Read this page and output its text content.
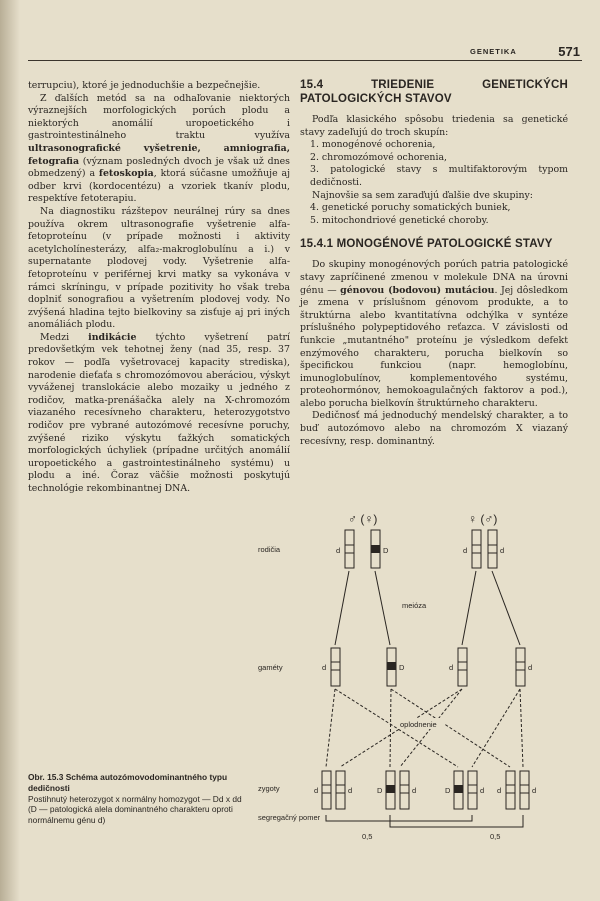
GENETIKA	571

terrupciu), ktoré je jednoduchšie a bezpečnejšie.

Z ďalších metód sa na odhaľovanie niektorých výraznejších morfologických porúch plodu a niektorých anomálií uropoetického i gastrointestinálneho traktu využíva ultrasonografické vyšetrenie, amniografia, fetografia (význam posledných dvoch je však už dnes obmedzený) a fetoskopia, ktorá súčasne umožňuje aj odber krvi (kordocentézu) a vzoriek tkanív plodu, respektíve fetoterapiu.

Na diagnostiku rázštepov neurálnej rúry sa dnes používa okrem ultrasonografie vyšetrenie alfa-fetoproteínu (v prípade možnosti i aktivity acetylcholínesterázy, alfa₂-makroglobulínu a i.) v supernatante plodovej vody. Vyšetrenie alfa-fetoproteínu v periférnej krvi matky sa vykonáva v rámci skríningu, v prípade pozitivity ho však treba doplniť sonografiou a vyšetrením plodovej vody. No zvýšená hladina tejto bielkoviny sa zisťuje aj pri iných anomáliách plodu.

Medzi indikácie týchto vyšetrení patrí predovšetkým vek tehotnej ženy (nad 35, resp. 37 rokov — podľa vyšetrovacej kapacity strediska), narodenie dieťaťa s chromozómovou aberáciou, výskyt vyváženej translokácie alebo mozaiky u jedného z rodičov, matka-prenášačka alely na X-chromozóm viazaného recesívneho charakteru, heterozygotstvo rodičov pre vybrané autozómové recesívne poruchy, zvýšené riziko výskytu ťažkých somatických morfologických úchyliek (prípadne určitých anomálií uropoetického a gastrointestinálneho systému) u plodu a iné. Čoraz väčšie možnosti poskytujú technológie rekombinantnej DNA.

15.4 TRIEDENIE GENETICKÝCH PATOLOGICKÝCH STAVOV

Podľa klasického spôsobu triedenia sa genetické stavy zadeľujú do troch skupín:

1. monogénové ochorenia,
2. chromozómové ochorenia,
3. patologické stavy s multifaktorovým typom dedičnosti.

Najnovšie sa sem zaraďujú ďalšie dve skupiny:

4. genetické poruchy somatických buniek,
5. mitochondriové genetické choroby.
15.4.1 MONOGÉNOVÉ PATOLOGICKÉ STAVY

Do skupiny monogénových porúch patria patologické stavy zapríčinené zmenou v molekule DNA na úrovni génu — génovou (bodovou) mutáciou. Jej dôsledkom je zmena v príslušnom génovom produkte, a to štruktúrna alebo kvantitatívna odchýlka v syntéze príslušného polypeptidového reťazca. V závislosti od funkcie „mutantného" proteínu je výsledkom defekt enzýmového charakteru, porucha bielkovín so špecifickou funkciou (napr. hemoglobínu, imunoglobulínov, komplementového systému, proteohormónov, hemokoagulačných faktorov a pod.), alebo porucha bielkovín štruktúrneho charakteru.

Dedičnosť má jednoduchý mendelský charakter, a to buď autozómovo alebo na chromozóm X viazaný recesívny, resp. dominantný.

Obr. 15.3 Schéma autozómovodominantného typu dedičnosti
Postihnutý heterozygot x normálny homozygot — Dd x dd (D — patologická alela dominantného charakteru oproti normálnemu génu d)
rodičia
gaméty
zygoty
segregačný pomer
♂ (♀)	♀ (♂)
d	D	d	d
meióza
d	D	d	d
oplodnenie
d	d	D	d	D	d d	d
0,5	0,5
